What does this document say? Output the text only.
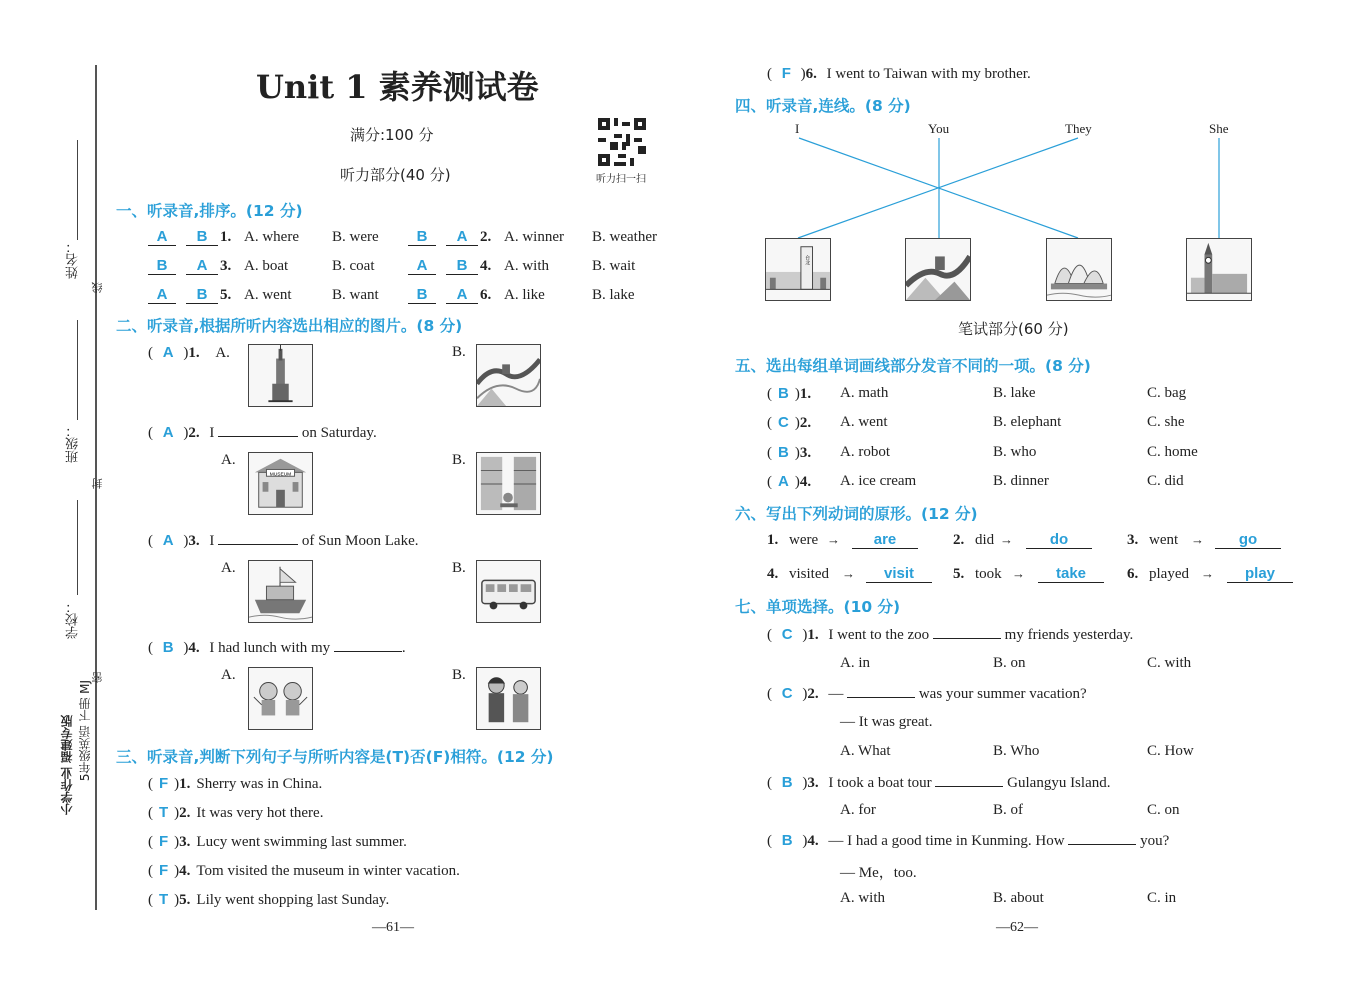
姓名：
线
班级：
封
学校：
密
小学作业 福建专版 5年级英语 下册 MJ
Unit 1 素养测试卷
满分:100 分
听力扫一扫
听力部分(40 分)
一、听录音,排序。(12 分)
A	B 1. A. where B. were	B	A 2. A. winner B. weather
B	A 3. A. boat	B. coat	A	B 4. A. with	B. wait
A	B 5. A. went	B. want	B	A 6. A. like	B. lake
二、听录音,根据所听内容选出相应的图片。(8 分)
( A )1. A.	B.
( A )2. I	on Saturday.
A.
MUSEUM
B.
( A )3. I	of Sun Moon Lake.
A.	B.
( B )4. I had lunch with my	.
A.	B.
三、听录音,判断下列句子与所听内容是(T)否(F)相符。(12 分)
( F )1. Sherry was in China.
( T )2. It was very hot there.
( F )3. Lucy went swimming last summer.
( F )4. Tom visited the museum in winter vacation.
( T )5. Lily went shopping last Sunday.
—61—
( F )6. I went to Taiwan with my brother.
四、听录音,连线。(8 分)
I	You	They	She
台北
笔试部分(60 分)
五、选出每组单词画线部分发音不同的一项。(8 分)
( B )1. A. math	B. lake	C. bag
( C )2. A. went	B. elephant	C. she
( B )3. A. robot	B. who	C. home
( A )4. A. ice cream	B. dinner	C. did
六、写出下列动词的原形。(12 分)
1. were →	are	2. did →	do	3. went →	go
4. visited →	visit	5. took →	take	6. played →	play
七、单项选择。(10 分)
( C )1. I went to the zoo	my friends yesterday.
A. in	B. on	C. with
( C )2. —	was your summer vacation?
— It was great.
A. What	B. Who	C. How
( B )3. I took a boat tour	Gulangyu Island.
A. for	B. of	C. on
( B )4. — I had a good time in Kunming. How	you?
— Me，too.
A. with	B. about	C. in
—62—
